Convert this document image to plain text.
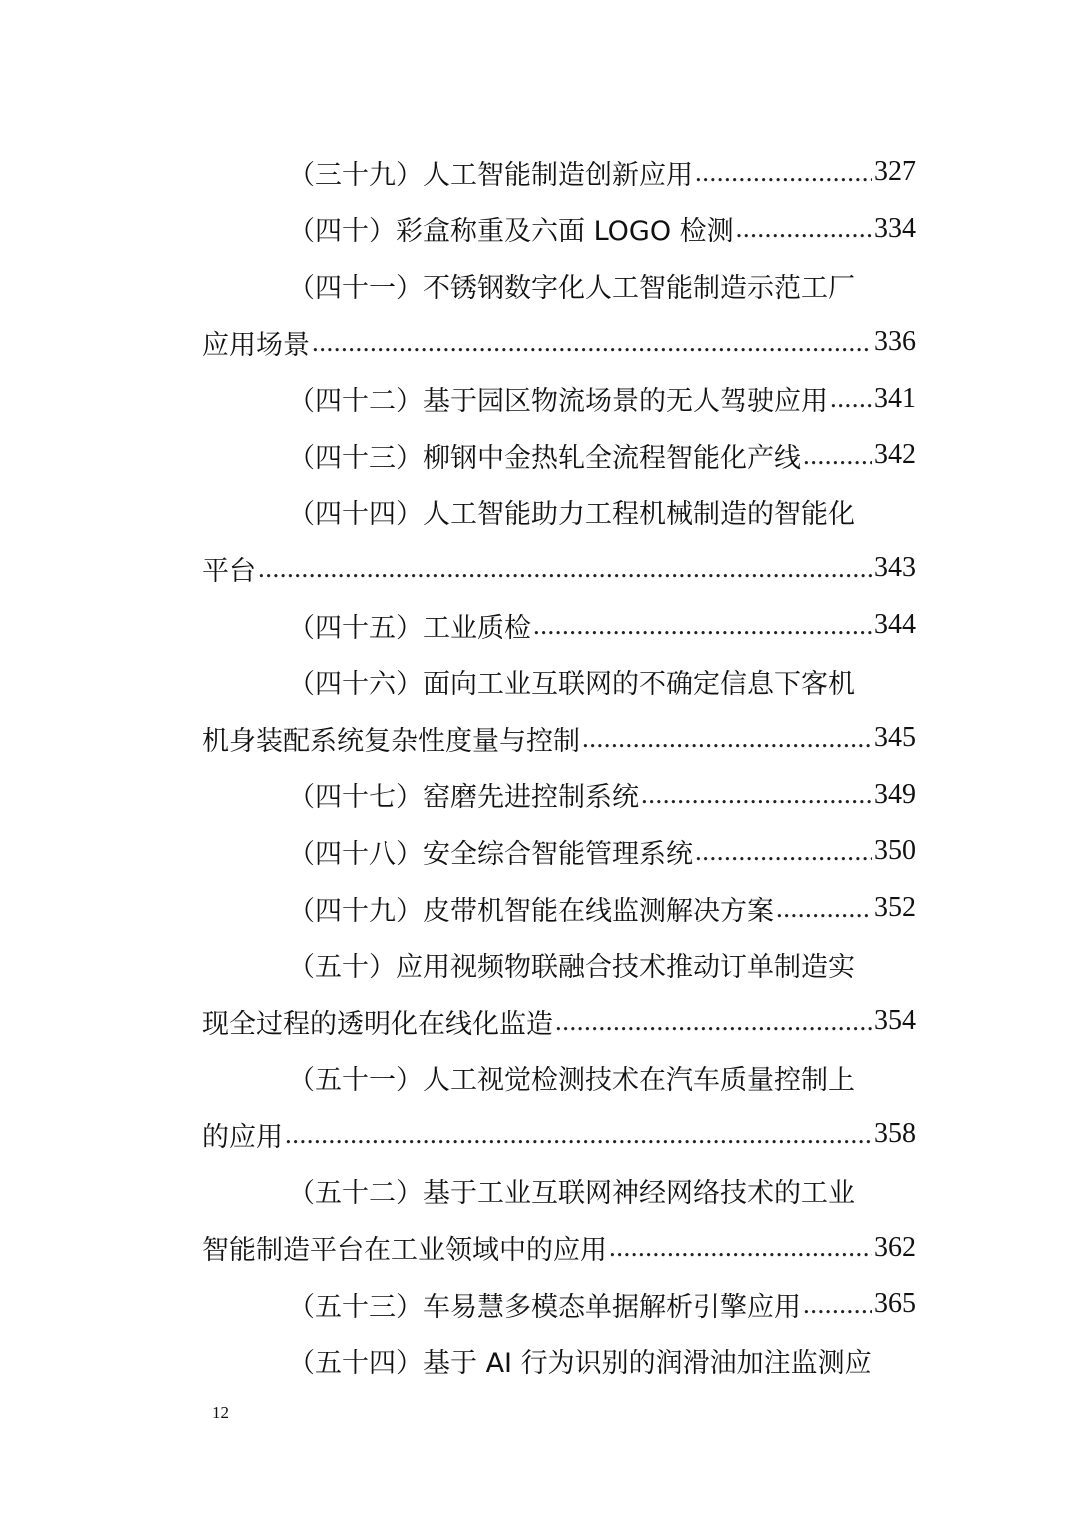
（三十九）人工智能制造创新应用 .....	327
（四十）彩盒称重及六面 LOGO 检测 .....	334
（四十一）不锈钢数字化人工智能制造示范工厂
应用场景 .....	336
（四十二）基于园区物流场景的无人驾驶应用 ..... 341
（四十三）柳钢中金热轧全流程智能化产线 .....	342
（四十四）人工智能助力工程机械制造的智能化
平台 .....	343
（四十五）工业质检 .....	344
（四十六）面向工业互联网的不确定信息下客机
机身装配系统复杂性度量与控制 .....	345
（四十七）窑磨先进控制系统 .....	349
（四十八）安全综合智能管理系统 .....	350
（四十九）皮带机智能在线监测解决方案 .....	352
（五十）应用视频物联融合技术推动订单制造实
现全过程的透明化在线化监造 .....	354
（五十一）人工视觉检测技术在汽车质量控制上
的应用 .....	358
（五十二）基于工业互联网神经网络技术的工业
智能制造平台在工业领域中的应用 .....	362
（五十三）车易慧多模态单据解析引擎应用 .....	365
（五十四）基于 AI 行为识别的润滑油加注监测应
12
